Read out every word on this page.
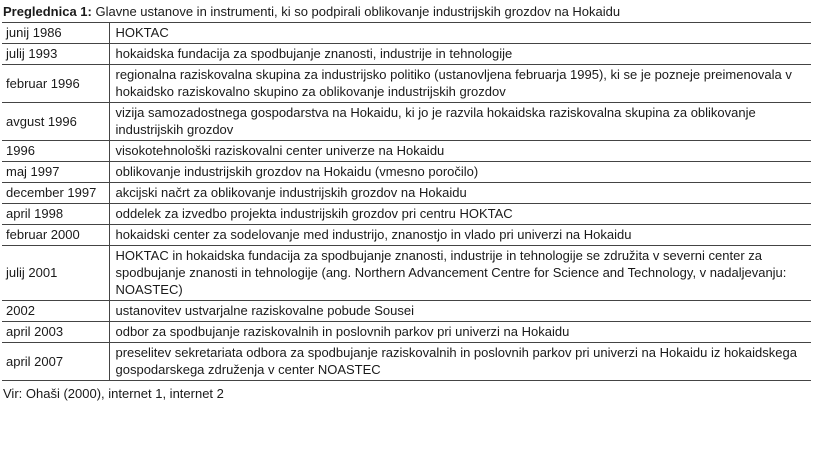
Preglednica 1: Glavne ustanove in instrumenti, ki so podpirali oblikovanje industrijskih grozdov na Hokaidu
junij 1986	HOKTAC
julij 1993	hokaidska fundacija za spodbujanje znanosti, industrije in tehnologije
februar 1996	regionalna raziskovalna skupina za industrijsko politiko (ustanovljena februarja 1995), ki se je pozneje preimenovala v hokaidsko raziskovalno skupino za oblikovanje industrijskih grozdov
avgust 1996	vizija samozadostnega gospodarstva na Hokaidu, ki jo je razvila hokaidska raziskovalna skupina za oblikovanje industrijskih grozdov
1996	visokotehnološki raziskovalni center univerze na Hokaidu
maj 1997	oblikovanje industrijskih grozdov na Hokaidu (vmesno poročilo)
december 1997	akcijski načrt za oblikovanje industrijskih grozdov na Hokaidu
april 1998	oddelek za izvedbo projekta industrijskih grozdov pri centru HOKTAC
februar 2000	hokaidski center za sodelovanje med industrijo, znanostjo in vlado pri univerzi na Hokaidu
julij 2001	HOKTAC in hokaidska fundacija za spodbujanje znanosti, industrije in tehnologije se združita v severni center za spodbujanje znanosti in tehnologije (ang. Northern Advancement Centre for Science and Technology, v nadaljevanju: NOASTEC)
2002	ustanovitev ustvarjalne raziskovalne pobude Sousei
april 2003	odbor za spodbujanje raziskovalnih in poslovnih parkov pri univerzi na Hokaidu
april 2007	preselitev sekretariata odbora za spodbujanje raziskovalnih in poslovnih parkov pri univerzi na Hokaidu iz hokaidskega gospodarskega združenja v center NOASTEC
Vir: Ohaši (2000), internet 1, internet 2
